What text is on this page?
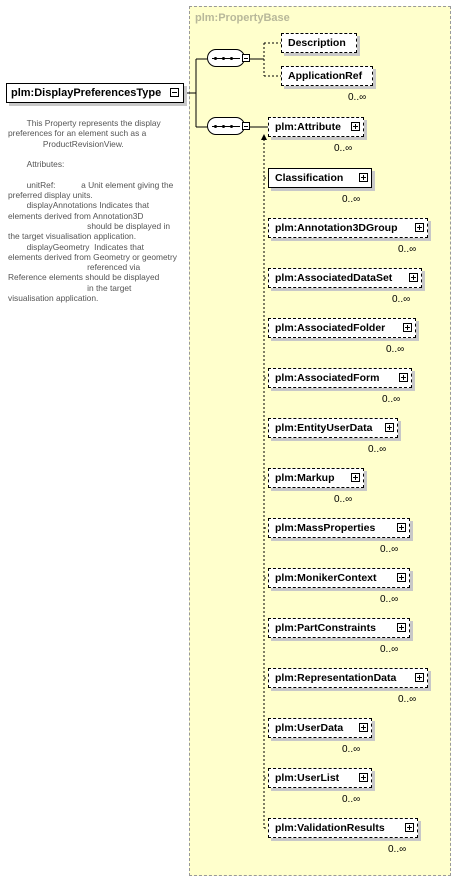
plm:PropertyBase
plm:DisplayPreferencesType

This Property represents the display preferences for an element such as a

ProductRevisionView.

Attributes:

unitRef:           a Unit element giving the preferred display units.

displayAnnotations Indicates that elements derived from Annotation3D

should be displayed in the target visualisation application.

displayGeometry  Indicates that elements derived from Geometry or geometry

referenced via

Reference elements should be displayed

in the target

visualisation application.

Description
ApplicationRef
0..∞
plm:Attribute
0..∞
Classification
0..∞
plm:Annotation3DGroup
0..∞
plm:AssociatedDataSet
0..∞
plm:AssociatedFolder
0..∞
plm:AssociatedForm
0..∞
plm:EntityUserData
0..∞
plm:Markup
0..∞
plm:MassProperties
0..∞
plm:MonikerContext
0..∞
plm:PartConstraints
0..∞
plm:RepresentationData
0..∞
plm:UserData
0..∞
plm:UserList
0..∞
plm:ValidationResults
0..∞
